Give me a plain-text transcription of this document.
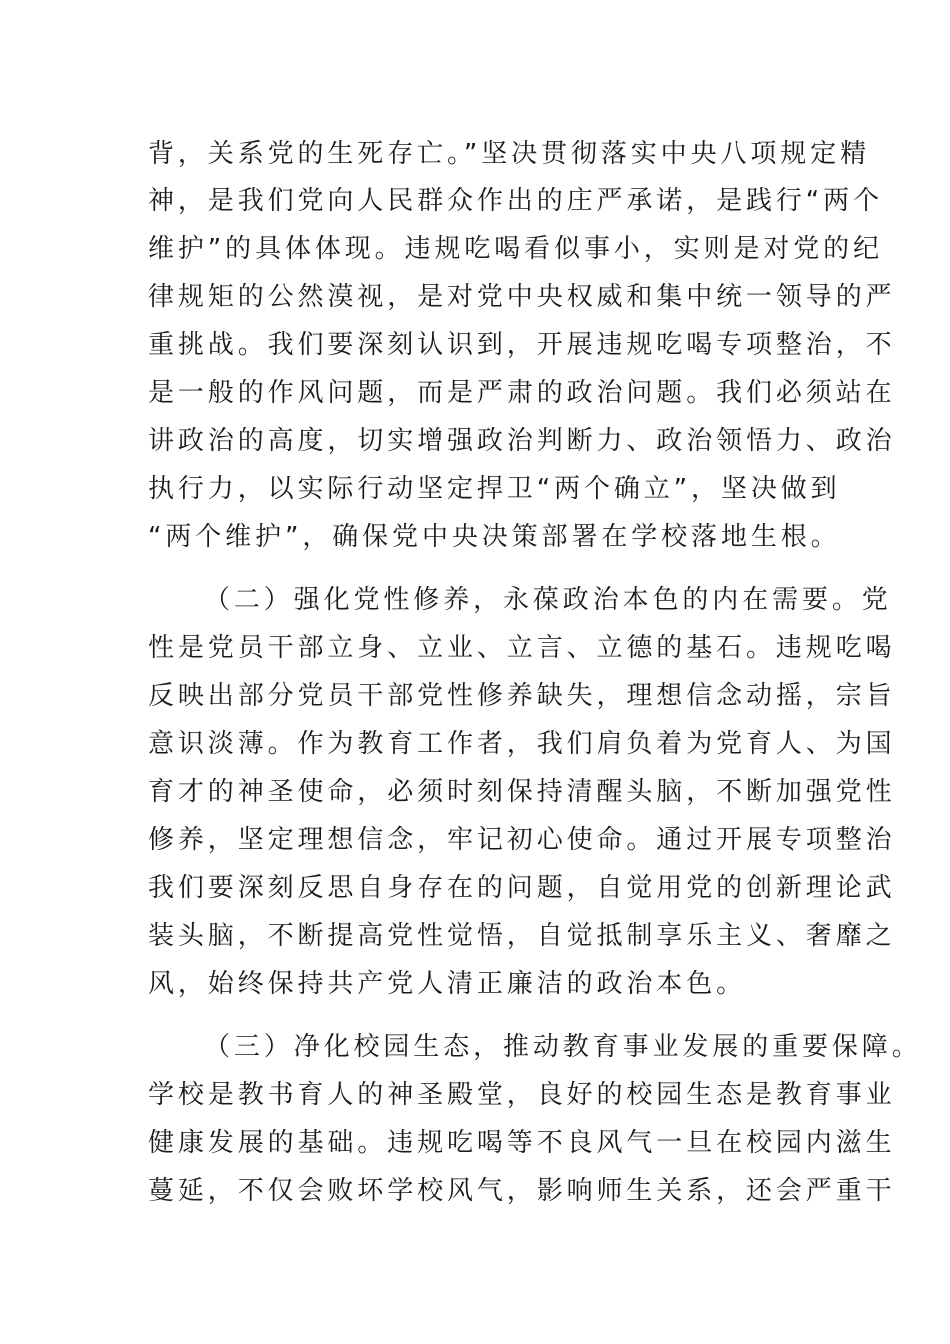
背，关系党的生死存亡。”坚决贯彻落实中央八项规定精
神，是我们党向人民群众作出的庄严承诺，是践行“两个
维护”的具体体现。违规吃喝看似事小，实则是对党的纪
律规矩的公然漠视，是对党中央权威和集中统一领导的严
重挑战。我们要深刻认识到，开展违规吃喝专项整治，不
是一般的作风问题，而是严肃的政治问题。我们必须站在
讲政治的高度，切实增强政治判断力、政治领悟力、政治
执行力，以实际行动坚定捍卫“两个确立”，坚决做到
“两个维护”，确保党中央决策部署在学校落地生根。
（二）强化党性修养，永葆政治本色的内在需要。党
性是党员干部立身、立业、立言、立德的基石。违规吃喝
反映出部分党员干部党性修养缺失，理想信念动摇，宗旨
意识淡薄。作为教育工作者，我们肩负着为党育人、为国
育才的神圣使命，必须时刻保持清醒头脑，不断加强党性
修养，坚定理想信念，牢记初心使命。通过开展专项整治
我们要深刻反思自身存在的问题，自觉用党的创新理论武
装头脑，不断提高党性觉悟，自觉抵制享乐主义、奢靡之
风，始终保持共产党人清正廉洁的政治本色。
（三）净化校园生态，推动教育事业发展的重要保障。
学校是教书育人的神圣殿堂，良好的校园生态是教育事业
健康发展的基础。违规吃喝等不良风气一旦在校园内滋生
蔓延，不仅会败坏学校风气，影响师生关系，还会严重干
